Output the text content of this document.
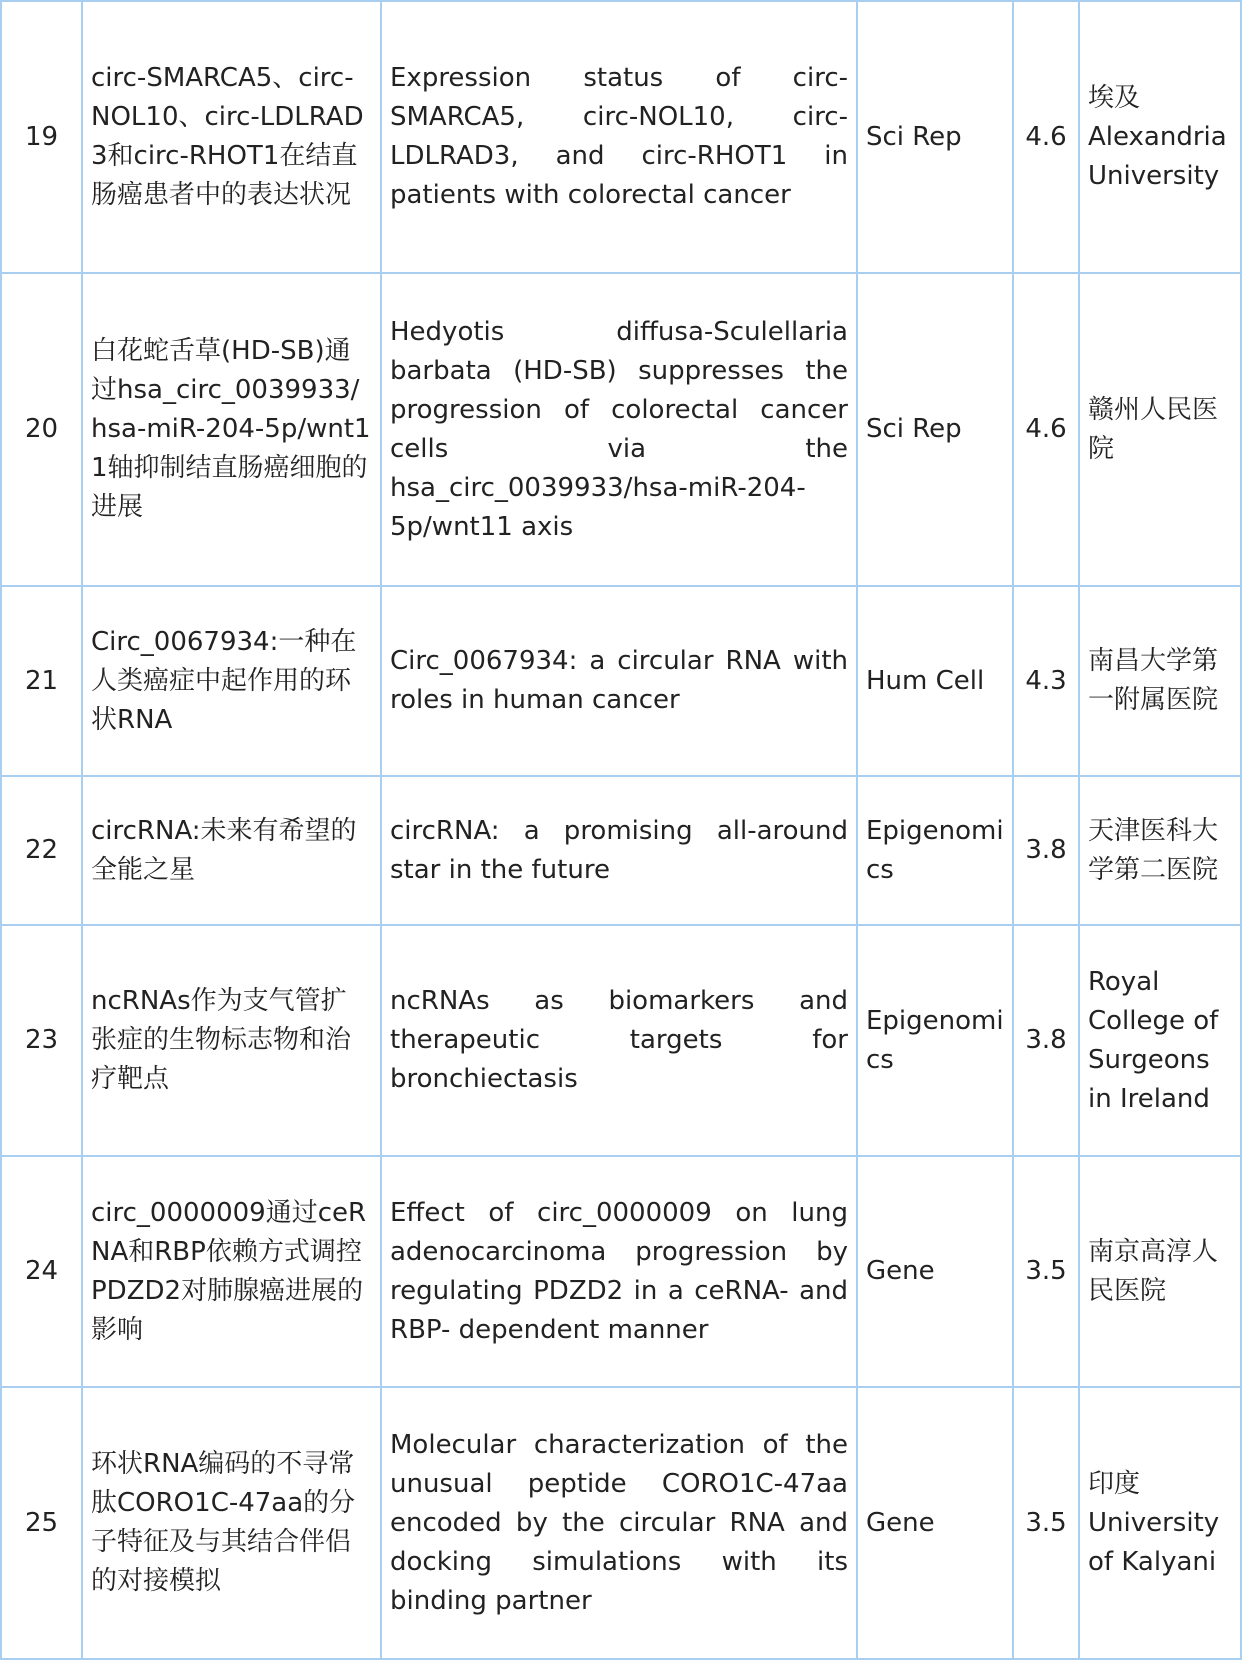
19	circ-SMARCA5、circ-NOL10、circ-LDLRAD3和circ-RHOT1在结直肠癌患者中的表达状况	Expression status of circ-SMARCA5, circ-NOL10, circ-LDLRAD3, and circ-RHOT1 in patients with colorectal cancer	Sci Rep	4.6	埃及 Alexandria University
20	白花蛇舌草(HD-SB)通过hsa_circ_0039933/hsa-miR-204-5p/wnt11轴抑制结直肠癌细胞的进展	Hedyotis diffusa-Sculellaria barbata (HD-SB) suppresses the progression of colorectal cancer cells via the hsa_circ_0039933/hsa-miR-204-5p/wnt11 axis	Sci Rep	4.6	赣州人民医院
21	Circ_0067934:一种在人类癌症中起作用的环状RNA	Circ_0067934: a circular RNA with roles in human cancer	Hum Cell	4.3	南昌大学第一附属医院
22	circRNA:未来有希望的全能之星	circRNA: a promising all-around star in the future	Epigenomics	3.8	天津医科大学第二医院
23	ncRNAs作为支气管扩张症的生物标志物和治疗靶点	ncRNAs as biomarkers and therapeutic targets for bronchiectasis	Epigenomics	3.8	Royal College of Surgeons in Ireland
24	circ_0000009通过ceRNA和RBP依赖方式调控PDZD2对肺腺癌进展的影响	Effect of circ_0000009 on lung adenocarcinoma progression by regulating PDZD2 in a ceRNA- and RBP- dependent manner	Gene	3.5	南京高淳人民医院
25	环状RNA编码的不寻常肽CORO1C-47aa的分子特征及与其结合伴侣的对接模拟	Molecular characterization of the unusual peptide CORO1C-47aa encoded by the circular RNA and docking simulations with its binding partner	Gene	3.5	印度 University of Kalyani
